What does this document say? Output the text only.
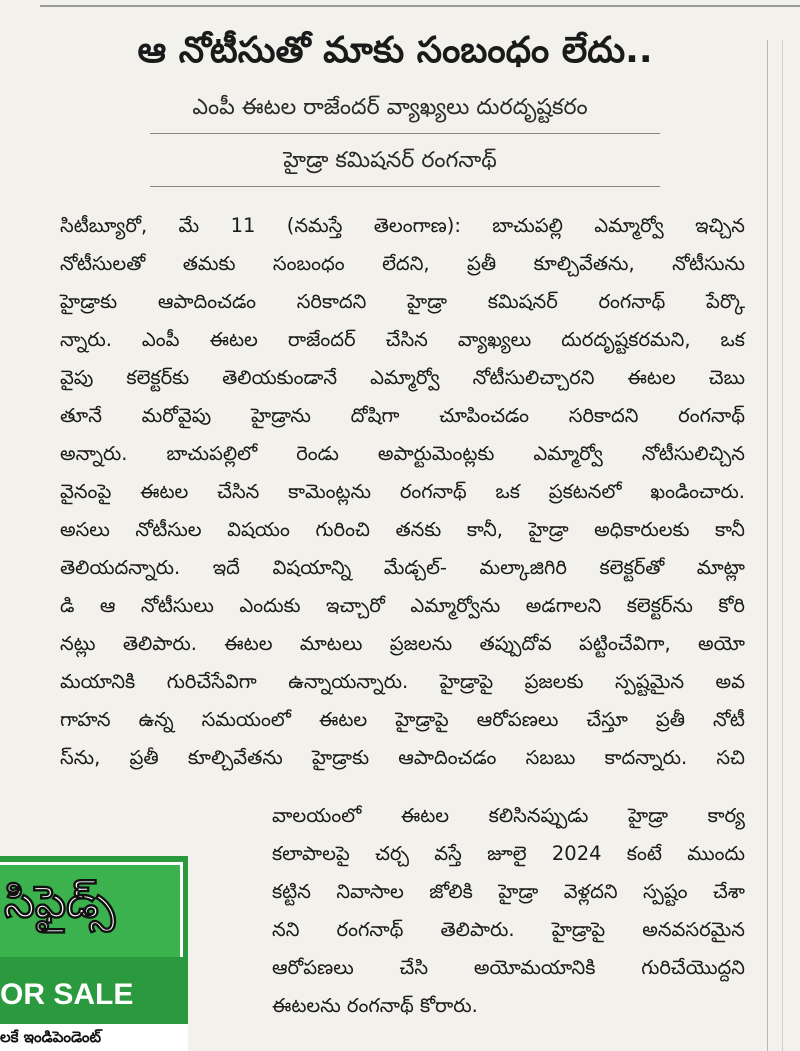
ఆ నోటీసుతో మాకు సంబంధం లేదు..
ఎంపీ ఈటల రాజేందర్ వ్యాఖ్యలు దురదృష్టకరం
హైడ్రా కమిషనర్ రంగనాథ్
సిటీబ్యూరో, మే 11 (నమస్తే తెలంగాణ): బాచుపల్లి ఎమ్మార్వో ఇచ్చిన
నోటీసులతో తమకు సంబంధం లేదని, ప్రతీ కూల్చివేతను, నోటీసును
హైడ్రాకు ఆపాదించడం సరికాదని హైడ్రా కమిషనర్ రంగనాథ్ పేర్కొ
న్నారు. ఎంపీ ఈటల రాజేందర్ చేసిన వ్యాఖ్యలు దురదృష్టకరమని, ఒక
వైపు కలెక్టర్‌కు తెలియకుండానే ఎమ్మార్వో నోటీసులిచ్చారని ఈటల చెబు
తూనే మరోవైపు హైడ్రాను దోషిగా చూపించడం సరికాదని రంగనాథ్
అన్నారు. బాచుపల్లిలో రెండు అపార్టుమెంట్లకు ఎమ్మార్వో నోటీసులిచ్చిన
వైనంపై ఈటల చేసిన కామెంట్లను రంగనాథ్ ఒక ప్రకటనలో ఖండించారు.
అసలు నోటీసుల విషయం గురించి తనకు కానీ, హైడ్రా అధికారులకు కానీ
తెలియదన్నారు. ఇదే విషయాన్ని మేడ్చల్- మల్కాజిగిరి కలెక్టర్‌తో మాట్లా
డి ఆ నోటీసులు ఎందుకు ఇచ్చారో ఎమ్మార్వోను అడగాలని కలెక్టర్‌ను కోరి
నట్లు తెలిపారు. ఈటల మాటలు ప్రజలను తప్పుదోవ పట్టించేవిగా, అయో
మయానికి గురిచేసేవిగా ఉన్నాయన్నారు. హైడ్రాపై ప్రజలకు స్పష్టమైన అవ
గాహన ఉన్న సమయంలో ఈటల హైడ్రాపై ఆరోపణలు చేస్తూ ప్రతీ నోటీ
స్‌ను, ప్రతీ కూల్చివేతను హైడ్రాకు ఆపాదించడం సబబు కాదన్నారు. సచి
వాలయంలో ఈటల కలిసినప్పుడు హైడ్రా కార్య
కలాపాలపై చర్చ వస్తే జూలై 2024 కంటే ముందు
కట్టిన నివాసాల జోలికి హైడ్రా వెళ్లదని స్పష్టం చేశా
నని రంగనాథ్ తెలిపారు. హైడ్రాపై అనవసరమైన
ఆరోపణలు చేసి అయోమయానికి గురిచేయొద్దని
ఈటలను రంగనాథ్ కోరారు.
సిఫైడ్స్
OR SALE
లకే ఇండిపెండెంట్
